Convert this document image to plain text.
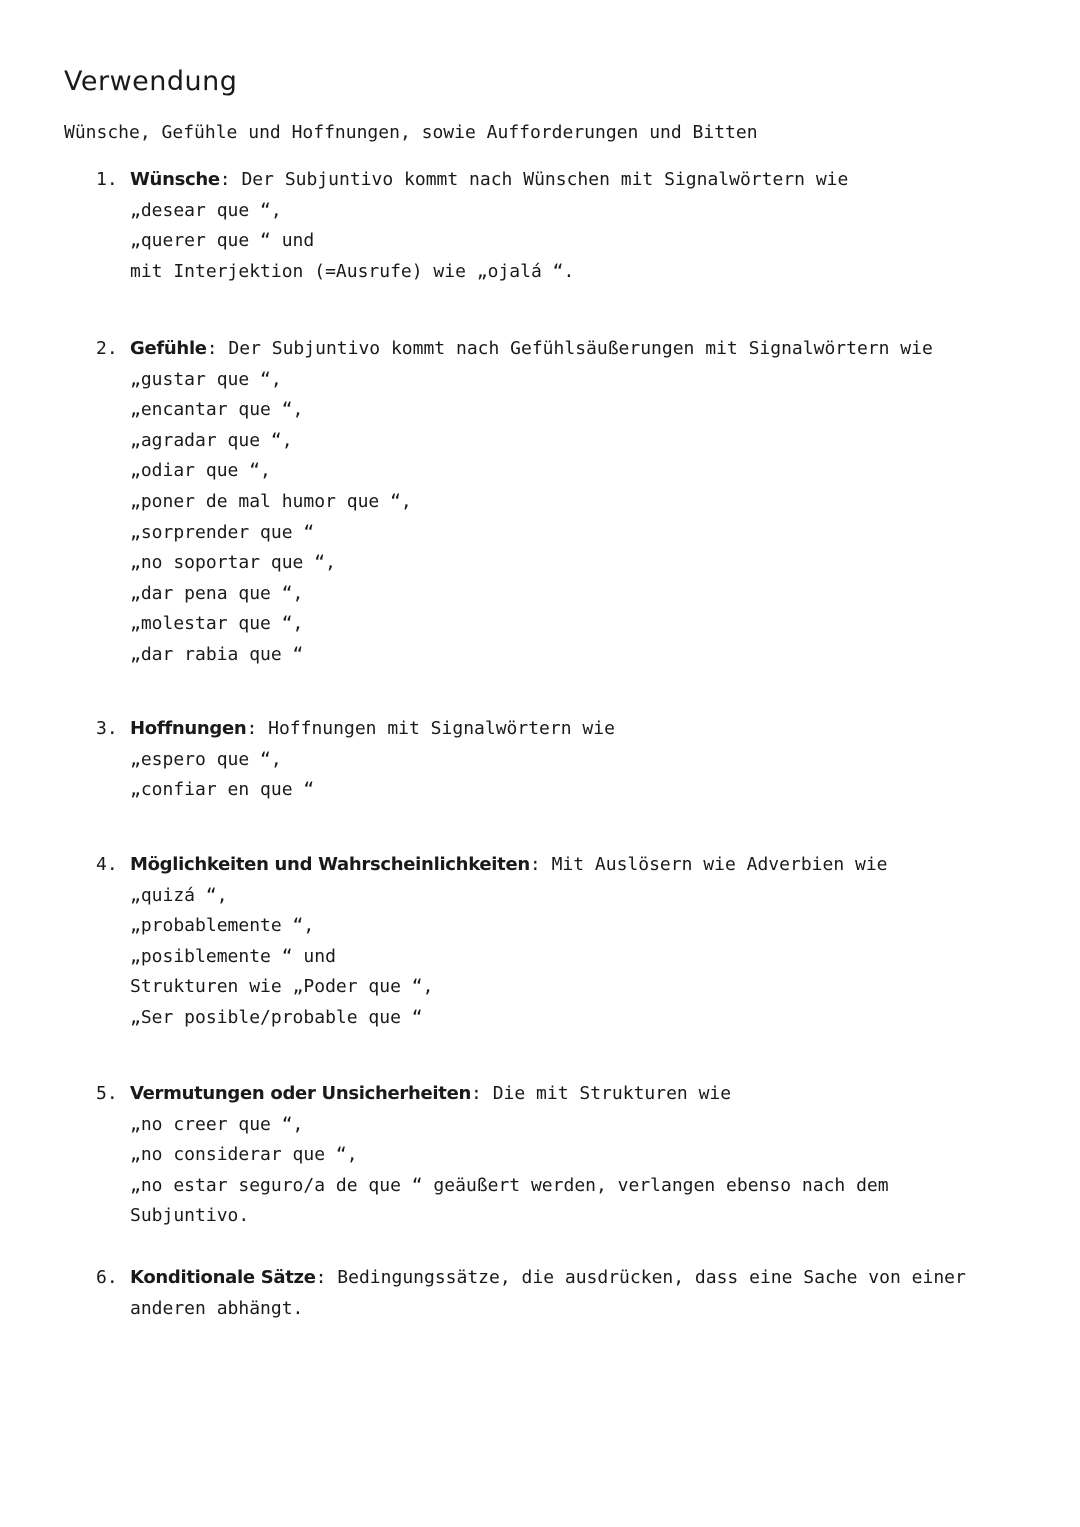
Verwendung
Wünsche, Gefühle und Hoffnungen, sowie Aufforderungen und Bitten
1. Wünsche: Der Subjuntivo kommt nach Wünschen mit Signalwörtern wie
„desear que “,
„querer que “ und
mit Interjektion (=Ausrufe) wie „ojalá “.
2. Gefühle: Der Subjuntivo kommt nach Gefühlsäußerungen mit Signalwörtern wie
„gustar que “,
„encantar que “,
„agradar que “,
„odiar que “,
„poner de mal humor que “,
„sorprender que “
„no soportar que “,
„dar pena que “,
„molestar que “,
„dar rabia que “
3. Hoffnungen: Hoffnungen mit Signalwörtern wie
„espero que “,
„confiar en que “
4. Möglichkeiten und Wahrscheinlichkeiten: Mit Auslösern wie Adverbien wie
„quizá “,
„probablemente “,
„posiblemente “ und
Strukturen wie „Poder que “,
„Ser posible/probable que “
5. Vermutungen oder Unsicherheiten: Die mit Strukturen wie
„no creer que “,
„no considerar que “,
„no estar seguro/a de que “ geäußert werden, verlangen ebenso nach dem
Subjuntivo.
6. Konditionale Sätze: Bedingungssätze, die ausdrücken, dass eine Sache von einer
anderen abhängt.
